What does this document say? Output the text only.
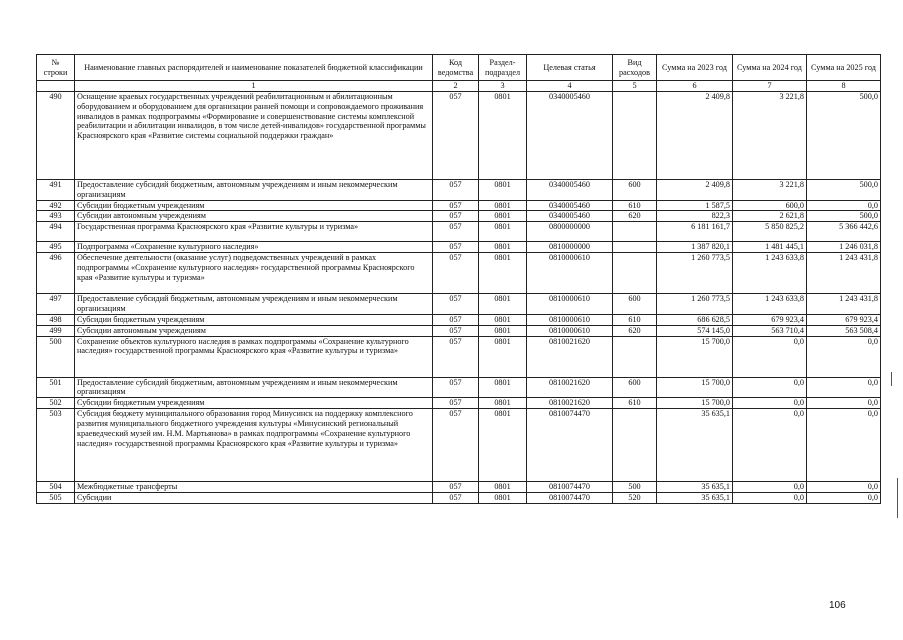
№ строки	Наименование главных распорядителей и наименование показателей бюджетной классификации	Код ведомства	Раздел-подраздел	Целевая статья	Вид расходов	Сумма на 2023 год	Сумма на 2024 год	Сумма на 2025 год
	1	2	3	4	5	6	7	8
490	Оснащение краевых государственных учреждений реабилитационным и абилитационным оборудованием и оборудованием для организации ранней помощи и сопровождаемого проживания инвалидов в рамках подпрограммы «Формирование и совершенствование системы комплексной реабилитации и абилитации инвалидов, в том числе детей-инвалидов» государственной программы Красноярского края «Развитие системы социальной поддержки граждан»	057	0801	0340005460		2 409,8	3 221,8	500,0
491	Предоставление субсидий бюджетным, автономным учреждениям и иным некоммерческим организациям	057	0801	0340005460	600	2 409,8	3 221,8	500,0
492	Субсидии бюджетным учреждениям	057	0801	0340005460	610	1 587,5	600,0	0,0
493	Субсидии автономным учреждениям	057	0801	0340005460	620	822,3	2 621,8	500,0
494	Государственная программа Красноярского края «Развитие культуры и туризма»	057	0801	0800000000		6 181 161,7	5 850 825,2	5 366 442,6
495	Подпрограмма «Сохранение культурного наследия»	057	0801	0810000000		1 387 820,1	1 481 445,1	1 246 031,8
496	Обеспечение деятельности (оказание услуг) подведомственных учреждений в рамках подпрограммы «Сохранение культурного наследия» государственной программы Красноярского края «Развитие культуры и туризма»	057	0801	0810000610		1 260 773,5	1 243 633,8	1 243 431,8
497	Предоставление субсидий бюджетным, автономным учреждениям и иным некоммерческим организациям	057	0801	0810000610	600	1 260 773,5	1 243 633,8	1 243 431,8
498	Субсидии бюджетным учреждениям	057	0801	0810000610	610	686 628,5	679 923,4	679 923,4
499	Субсидии автономным учреждениям	057	0801	0810000610	620	574 145,0	563 710,4	563 508,4
500	Сохранение объектов культурного наследия в рамках подпрограммы «Сохранение культурного наследия» государственной программы Красноярского края «Развитие культуры и туризма»	057	0801	0810021620		15 700,0	0,0	0,0
501	Предоставление субсидий бюджетным, автономным учреждениям и иным некоммерческим организациям	057	0801	0810021620	600	15 700,0	0,0	0,0
502	Субсидии бюджетным учреждениям	057	0801	0810021620	610	15 700,0	0,0	0,0
503	Субсидия бюджету муниципального образования город Минусинск на поддержку комплексного развития муниципального бюджетного учреждения культуры «Минусинский региональный краеведческий музей им. Н.М. Мартьянова» в рамках подпрограммы «Сохранение культурного наследия» государственной программы Красноярского края «Развитие культуры и туризма»	057	0801	0810074470		35 635,1	0,0	0,0
504	Межбюджетные трансферты	057	0801	0810074470	500	35 635,1	0,0	0,0
505	Субсидии	057	0801	0810074470	520	35 635,1	0,0	0,0
106
